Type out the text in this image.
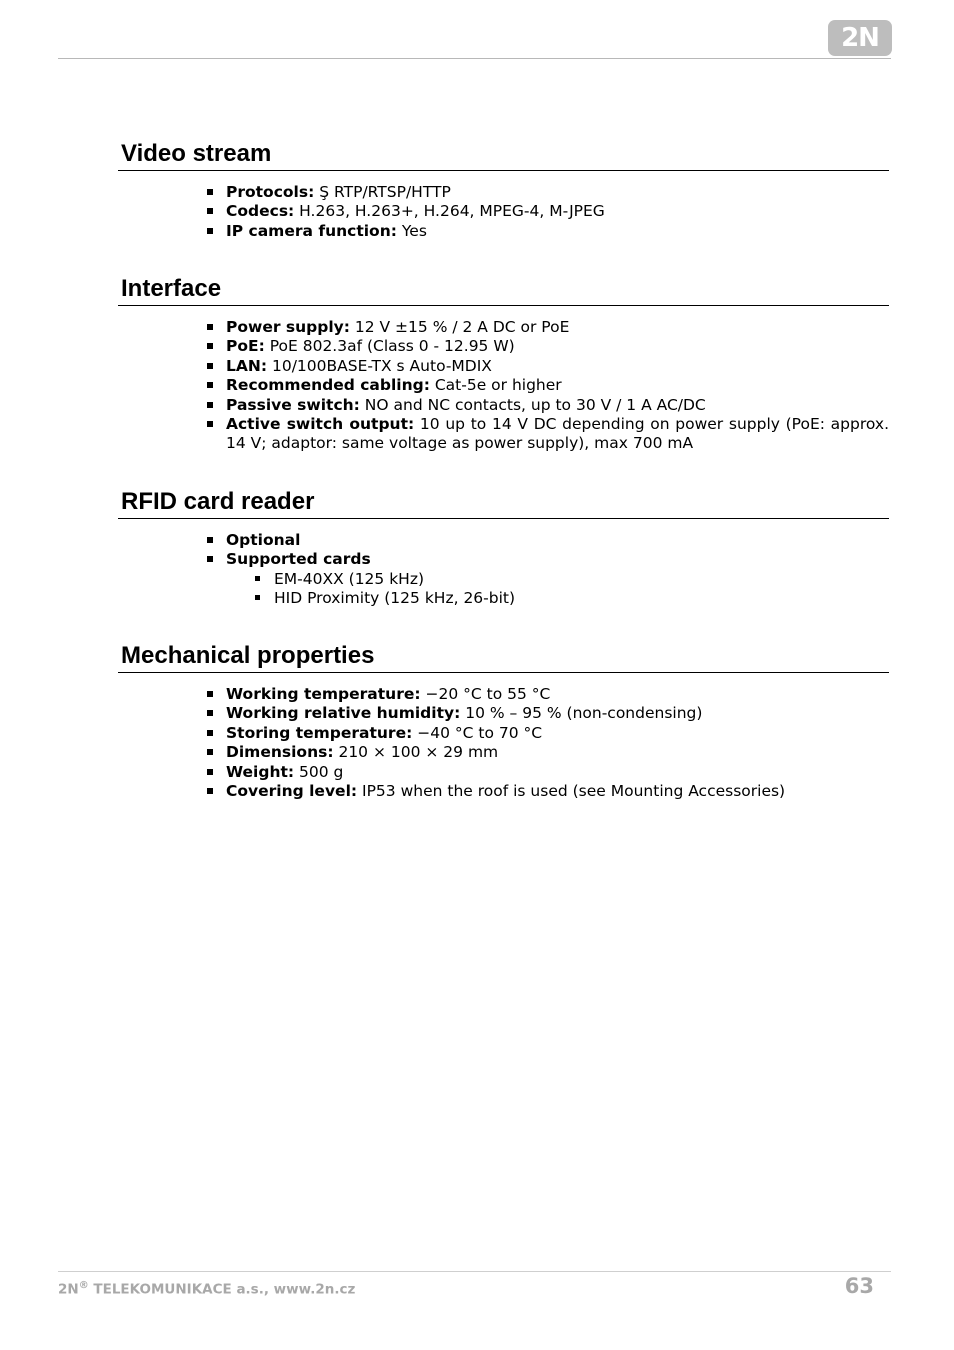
2N
Video stream
Protocols: Ş RTP/RTSP/HTTP
Codecs: H.263, H.263+, H.264, MPEG-4, M-JPEG
IP camera function: Yes
Interface
Power supply: 12 V ±15 % / 2 A DC or PoE
PoE: PoE 802.3af (Class 0 - 12.95 W)
LAN: 10/100BASE-TX s Auto-MDIX
Recommended cabling: Cat-5e or higher
Passive switch: NO and NC contacts, up to 30 V / 1 A AC/DC
Active switch output: 10 up to 14 V DC depending on power supply (PoE: approx. 14 V; adaptor: same voltage as power supply), max 700 mA
RFID card reader
Optional
Supported cards
EM-40XX (125 kHz)
HID Proximity (125 kHz, 26-bit)
Mechanical properties
Working temperature: −20 °C to 55 °C
Working relative humidity: 10 % – 95 % (non-condensing)
Storing temperature: −40 °C to 70 °C
Dimensions: 210 × 100 × 29 mm
Weight: 500 g
Covering level: IP53 when the roof is used (see Mounting Accessories)
2N® TELEKOMUNIKACE a.s., www.2n.cz	63
